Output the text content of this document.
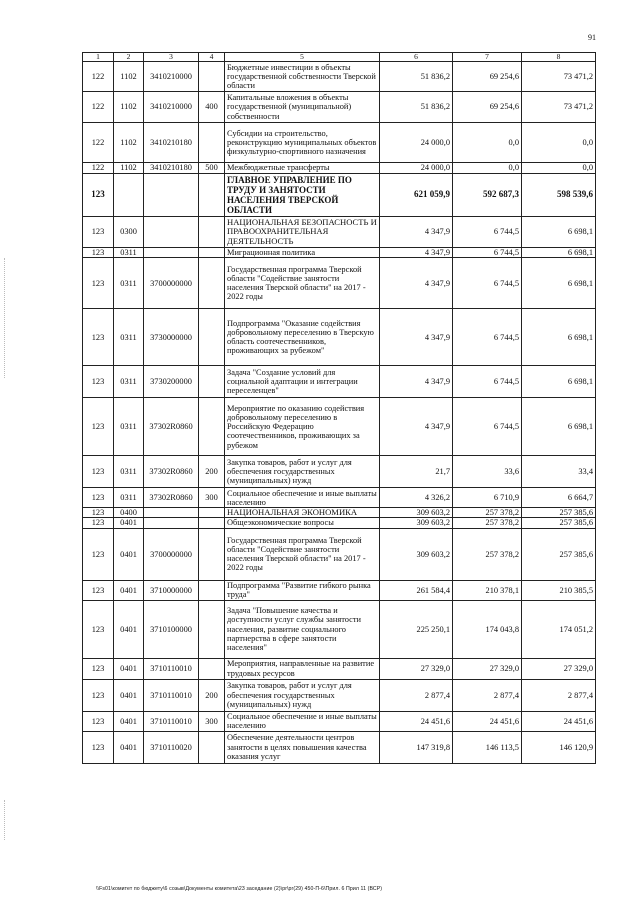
91
1	2	3	4	5	6	7	8
122	1102	3410210000		Бюджетные инвестиции в объекты государственной собственности Тверской области	51 836,2	69 254,6	73 471,2
122	1102	3410210000	400	Капитальные вложения в объекты государственной (муниципальной) собственности	51 836,2	69 254,6	73 471,2
122	1102	3410210180		Субсидии на строительство, реконструкцию муниципальных объектов физкультурно-спортивного назначения	24 000,0	0,0	0,0
122	1102	3410210180	500	Межбюджетные трансферты	24 000,0	0,0	0,0
123				ГЛАВНОЕ УПРАВЛЕНИЕ ПО ТРУДУ И ЗАНЯТОСТИ НАСЕЛЕНИЯ ТВЕРСКОЙ ОБЛАСТИ	621 059,9	592 687,3	598 539,6
123	0300			НАЦИОНАЛЬНАЯ БЕЗОПАСНОСТЬ И ПРАВООХРАНИТЕЛЬНАЯ ДЕЯТЕЛЬНОСТЬ	4 347,9	6 744,5	6 698,1
123	0311			Миграционная политика	4 347,9	6 744,5	6 698,1
123	0311	3700000000		Государственная программа Тверской области "Содействие занятости населения Тверской области" на 2017 - 2022 годы	4 347,9	6 744,5	6 698,1
123	0311	3730000000		Подпрограмма "Оказание содействия добровольному переселению в Тверскую область соотечественников, проживающих за рубежом"	4 347,9	6 744,5	6 698,1
123	0311	3730200000		Задача "Создание условий для социальной адаптации и интеграции переселенцев"	4 347,9	6 744,5	6 698,1
123	0311	37302R0860		Мероприятие по оказанию содействия добровольному переселению в Российскую Федерацию соотечественников, проживающих за рубежом	4 347,9	6 744,5	6 698,1
123	0311	37302R0860	200	Закупка товаров, работ и услуг для обеспечения государственных (муниципальных) нужд	21,7	33,6	33,4
123	0311	37302R0860	300	Социальное обеспечение и иные выплаты населению	4 326,2	6 710,9	6 664,7
123	0400			НАЦИОНАЛЬНАЯ ЭКОНОМИКА	309 603,2	257 378,2	257 385,6
123	0401			Общеэкономические вопросы	309 603,2	257 378,2	257 385,6
123	0401	3700000000		Государственная программа Тверской области "Содействие занятости населения Тверской области" на 2017 - 2022 годы	309 603,2	257 378,2	257 385,6
123	0401	3710000000		Подпрограмма "Развитие гибкого рынка труда"	261 584,4	210 378,1	210 385,5
123	0401	3710100000		Задача "Повышение качества и доступности услуг службы занятости населения, развитие социального партнерства в сфере занятости населения"	225 250,1	174 043,8	174 051,2
123	0401	3710110010		Мероприятия, направленные на развитие трудовых ресурсов	27 329,0	27 329,0	27 329,0
123	0401	3710110010	200	Закупка товаров, работ и услуг для обеспечения государственных (муниципальных) нужд	2 877,4	2 877,4	2 877,4
123	0401	3710110010	300	Социальное обеспечение и иные выплаты населению	24 451,6	24 451,6	24 451,6
123	0401	3710110020		Обеспечение деятельности центров занятости в целях повышения качества оказания услуг	147 319,8	146 113,5	146 120,9
\\Fs01\комитет по бюджету\6 созыв\Документы комитета\23 заседание (2)\pr\pr(29) 450-П-6\Прил. 6 Прил 11 (ВСР)
